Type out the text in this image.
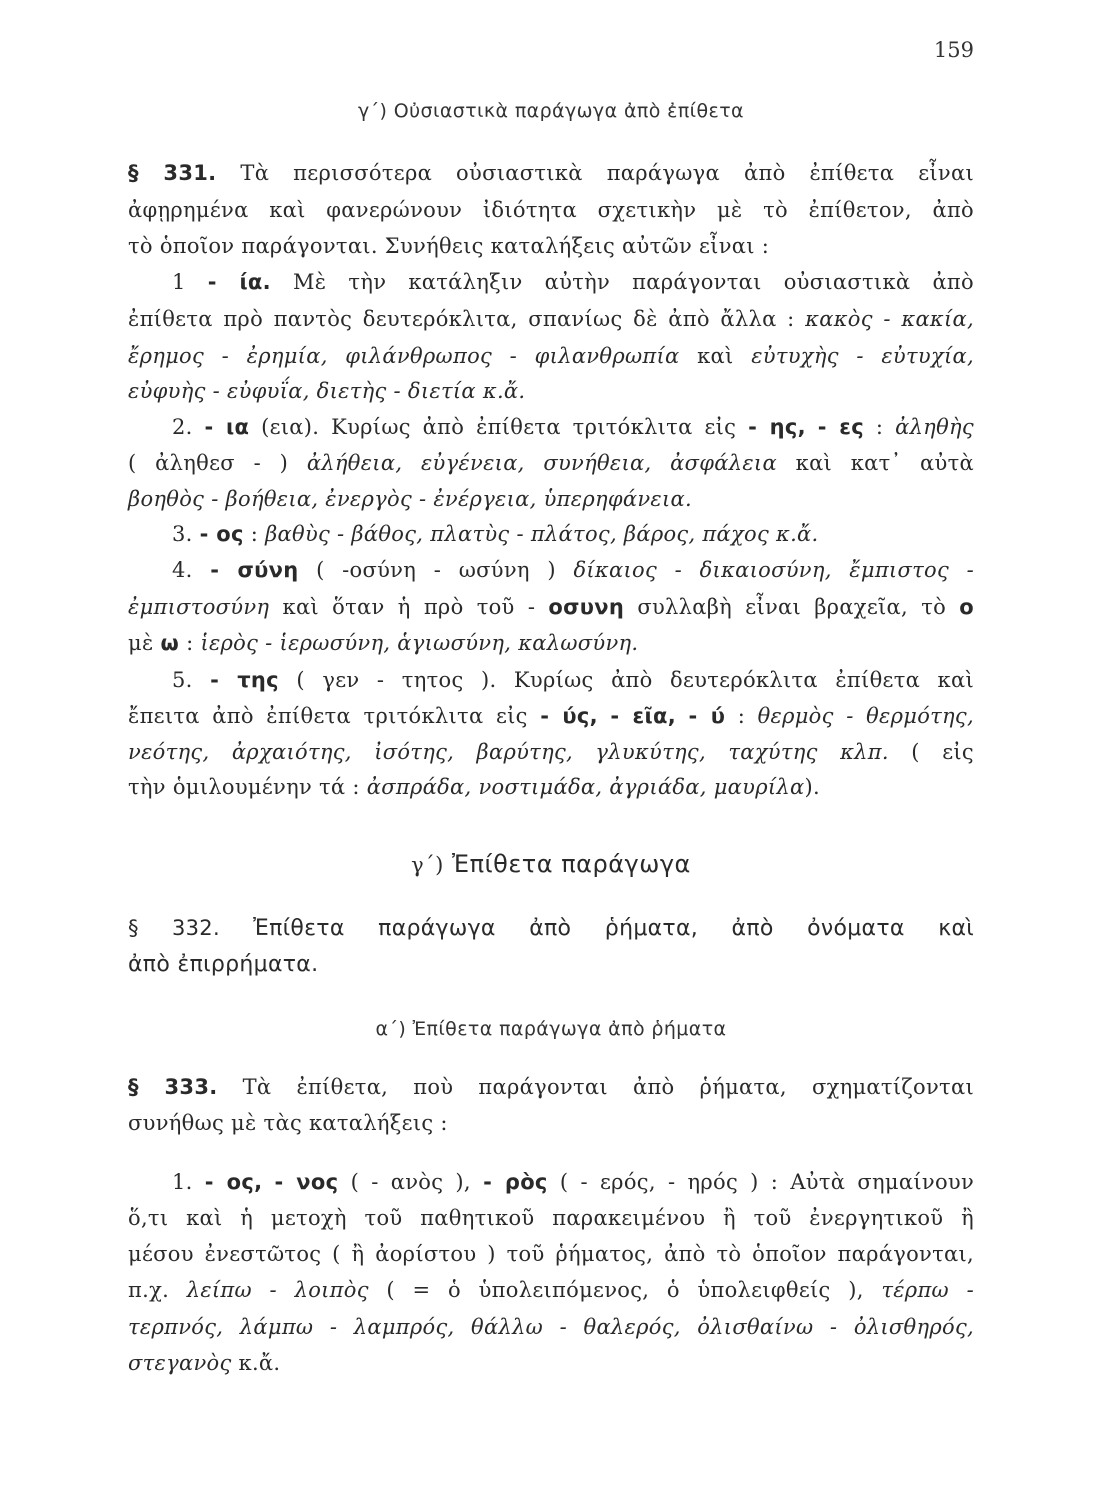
159
γ΄) Οὐσιαστικὰ παράγωγα ἀπὸ ἐπίθετα
§ 331. Τὰ περισσότερα οὐσιαστικὰ παράγωγα ἀπὸ ἐπίθετα εἶναι
ἀφῃρημένα καὶ φανερώνουν ἰδιότητα σχετικὴν μὲ τὸ ἐπίθετον, ἀπὸ
τὸ ὁποῖον παράγονται. Συνήθεις καταλήξεις αὐτῶν εἶναι :
1 - ία. Μὲ τὴν κατάληξιν αὐτὴν παράγονται οὐσιαστικὰ ἀπὸ
ἐπίθετα πρὸ παντὸς δευτερόκλιτα, σπανίως δὲ ἀπὸ ἄλλα : κακὸς - κακία,
ἔρημος - ἐρημία, φιλάνθρωπος - φιλανθρωπία καὶ εὐτυχὴς - εὐτυχία,
εὐφυὴς - εὐφυΐα, διετὴς - διετία κ.ἄ.
2. - ια (εια). Κυρίως ἀπὸ ἐπίθετα τριτόκλιτα εἰς - ης, - ες : ἀληθὴς
( ἀληθεσ - ) ἀλήθεια, εὐγένεια, συνήθεια, ἀσφάλεια καὶ κατ᾽ αὐτὰ
βοηθὸς - βοήθεια, ἐνεργὸς - ἐνέργεια, ὑπερηφάνεια.
3. - ος : βαθὺς - βάθος, πλατὺς - πλάτος, βάρος, πάχος κ.ἄ.
4. - σύνη ( -οσύνη - ωσύνη ) δίκαιος - δικαιοσύνη, ἔμπιστος -
ἐμπιστοσύνη καὶ ὅταν ἡ πρὸ τοῦ - οσυνη συλλαβὴ εἶναι βραχεῖα, τὸ ο
μὲ ω : ἱερὸς - ἱερωσύνη, ἁγιωσύνη, καλωσύνη.
5. - της ( γεν - τητος ). Κυρίως ἀπὸ δευτερόκλιτα ἐπίθετα καὶ
ἔπειτα ἀπὸ ἐπίθετα τριτόκλιτα εἰς - ύς, - εῖα, - ύ : θερμὸς - θερμότης,
νεότης, ἀρχαιότης, ἰσότης, βαρύτης, γλυκύτης, ταχύτης κλπ. ( εἰς
τὴν ὁμιλουμένην τά : ἀσπράδα, νοστιμάδα, ἀγριάδα, μαυρίλα).
γ΄) Ἐπίθετα παράγωγα
§ 332. Ἐπίθετα παράγωγα ἀπὸ ῥήματα, ἀπὸ ὀνόματα καὶ
ἀπὸ ἐπιρρήματα.
α΄) Ἐπίθετα παράγωγα ἀπὸ ῥήματα
§ 333. Τὰ ἐπίθετα, ποὺ παράγονται ἀπὸ ῥήματα, σχηματίζονται
συνήθως μὲ τὰς καταλήξεις :
1. - ος, - νος ( - ανὸς ), - ρὸς ( - ερός, - ηρός ) : Αὐτὰ σημαίνουν
ὅ,τι καὶ ἡ μετοχὴ τοῦ παθητικοῦ παρακειμένου ἢ τοῦ ἐνεργητικοῦ ἢ
μέσου ἐνεστῶτος ( ἢ ἀορίστου ) τοῦ ῥήματος, ἀπὸ τὸ ὁποῖον παράγονται,
π.χ. λείπω - λοιπὸς ( = ὁ ὑπολειπόμενος, ὁ ὑπολειφθείς ), τέρπω -
τερπνός, λάμπω - λαμπρός, θάλλω - θαλερός, ὀλισθαίνω - ὀλισθηρός,
στεγανὸς κ.ἄ.
